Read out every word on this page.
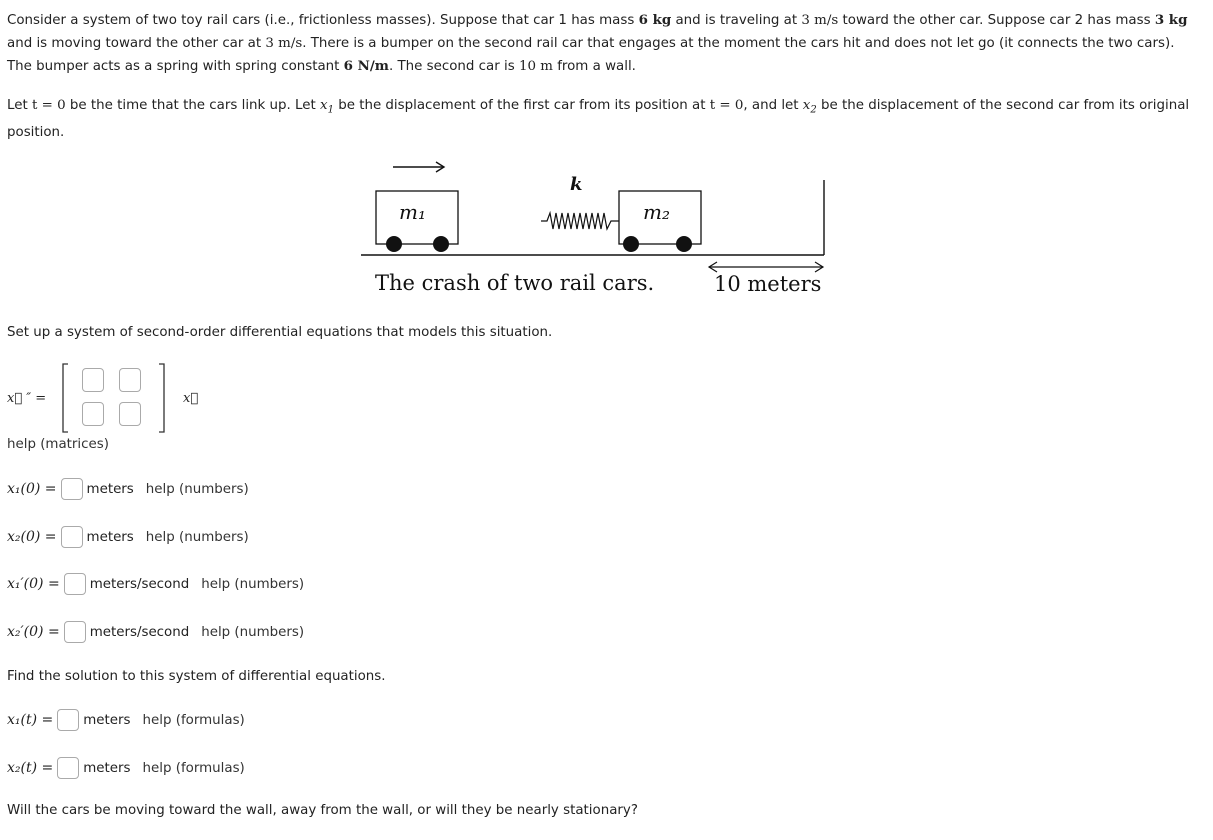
Consider a system of two toy rail cars (i.e., frictionless masses). Suppose that car 1 has mass 6 kg and is traveling at 3 m/s toward the other car. Suppose car 2 has mass 3 kg and is moving toward the other car at 3 m/s. There is a bumper on the second rail car that engages at the moment the cars hit and does not let go (it connects the two cars). The bumper acts as a spring with spring constant 6 N/m. The second car is 10 m from a wall.
Let t = 0 be the time that the cars link up. Let $x_1$ be the displacement of the first car from its position at t = 0, and let $x_2$ be the displacement of the second car from its original position.
m₁	m₂
k
The crash of two rail cars.	10 meters
Set up a system of second-order differential equations that models this situation.
x⃗ ″ =	x⃗
help (matrices)
x₁(0) = meters help (numbers)
x₂(0) = meters help (numbers)
x₁′(0) = meters/second help (numbers)
x₂′(0) = meters/second help (numbers)
Find the solution to this system of differential equations.
x₁(t) = meters help (formulas)
x₂(t) = meters help (formulas)
Will the cars be moving toward the wall, away from the wall, or will they be nearly stationary?
